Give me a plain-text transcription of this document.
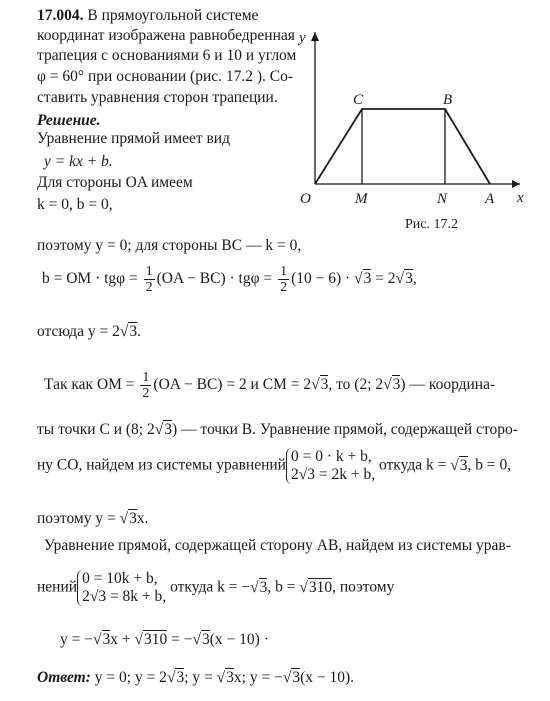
17.004. В прямоугольной системе
координат изображена равнобедренная
трапеция с основаниями 6 и 10 и углом
φ = 60° при основании (рис. 17.2 ). Со-
ставить уравнения сторон трапеции.
Решение.
Уравнение прямой имеет вид
y = kx + b.
Для стороны OA имеем
k = 0, b = 0,
поэтому y = 0; для стороны BC — k = 0,
b = OM · $tg\varphi = \frac{1}{2} (OA - BC) \cdot tg\varphi = \frac{1}{2} (10 - 6)$ · √ 3 = 2 √ 3,
отсюда y = 2 √ 3.
Так как OM = $\frac{1}{2} (OA - BC) = 2$ и CM = 2 √ 3, то (2; 2 √ 3) — координа-
ты точки C и (8; 2 √ 3) — точки B. Уравнение прямой, содержащей сторо-
ну CO, найдем из системы уравнений
0 = 0 · k + b,
2√3 = 2k + b,
откуда k = √ 3, b = 0,
поэтому y = √ 3x.
Уравнение прямой, содержащей сторону AB, найдем из системы урав-
нений
0 = 10k + b,
2√3 = 8k + b,
откуда k = − √ 3, b = √ 310, поэтому
y = − √ 3x + √ 310 = − √ 3(x − 10) ·
Ответ: y = 0; y = 2 √ 3; y = √ 3x; y = − √ 3(x − 10).
y
x
O	M	N	A
C	B
Рис. 17.2
